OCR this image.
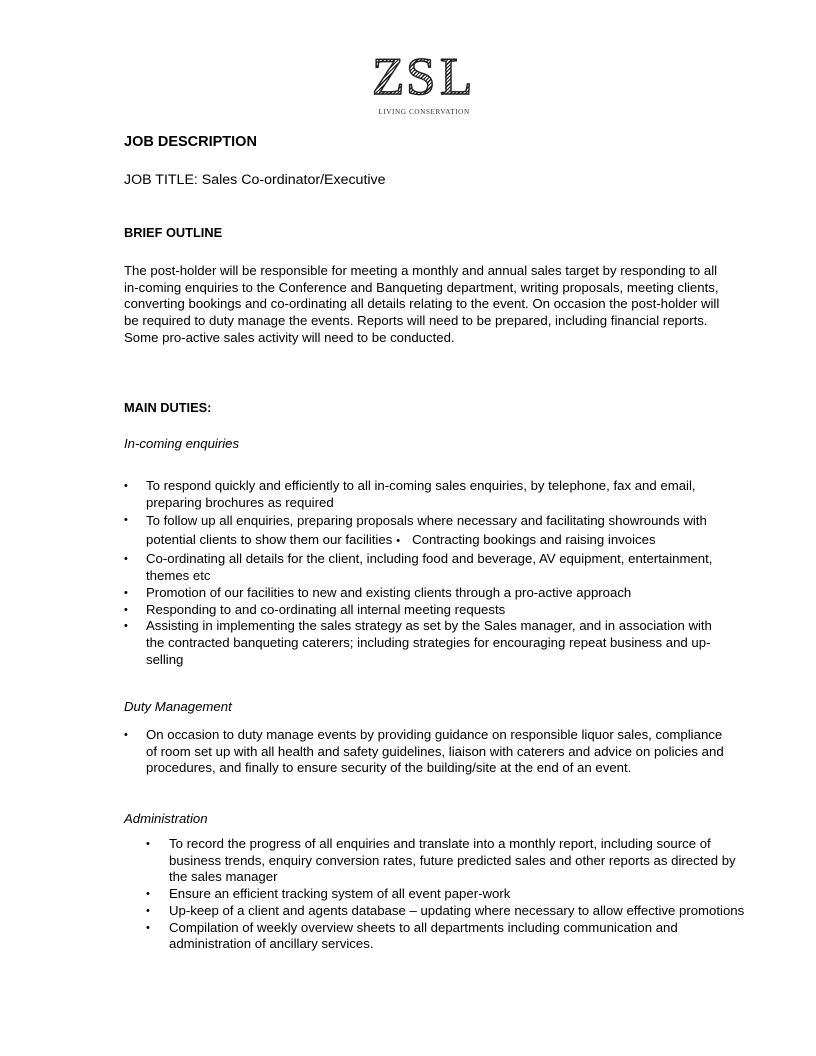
Z S L
LIVING CONSERVATION
JOB DESCRIPTION

JOB TITLE: Sales Co-ordinator/Executive

BRIEF OUTLINE

The post-holder will be responsible for meeting a monthly and annual sales target by responding to all in-coming enquiries to the Conference and Banqueting department, writing proposals, meeting clients, converting bookings and co-ordinating all details relating to the event. On occasion the post-holder will be required to duty manage the events. Reports will need to be prepared, including financial reports. Some pro-active sales activity will need to be conducted.

MAIN DUTIES:

In-coming enquiries

• To respond quickly and efficiently to all in-coming sales enquiries, by telephone, fax and email, preparing brochures as required
• To follow up all enquiries, preparing proposals where necessary and facilitating showrounds with potential clients to show them our facilities • Contracting bookings and raising invoices
• Co-ordinating all details for the client, including food and beverage, AV equipment, entertainment, themes etc
• Promotion of our facilities to new and existing clients through a pro-active approach
• Responding to and co-ordinating all internal meeting requests
• Assisting in implementing the sales strategy as set by the Sales manager, and in association with the contracted banqueting caterers; including strategies for encouraging repeat business and up-selling

Duty Management

• On occasion to duty manage events by providing guidance on responsible liquor sales, compliance of room set up with all health and safety guidelines, liaison with caterers and advice on policies and procedures, and finally to ensure security of the building/site at the end of an event.

Administration

• To record the progress of all enquiries and translate into a monthly report, including source of business trends, enquiry conversion rates, future predicted sales and other reports as directed by the sales manager
• Ensure an efficient tracking system of all event paper-work
• Up-keep of a client and agents database – updating where necessary to allow effective promotions
• Compilation of weekly overview sheets to all departments including communication and administration of ancillary services.
